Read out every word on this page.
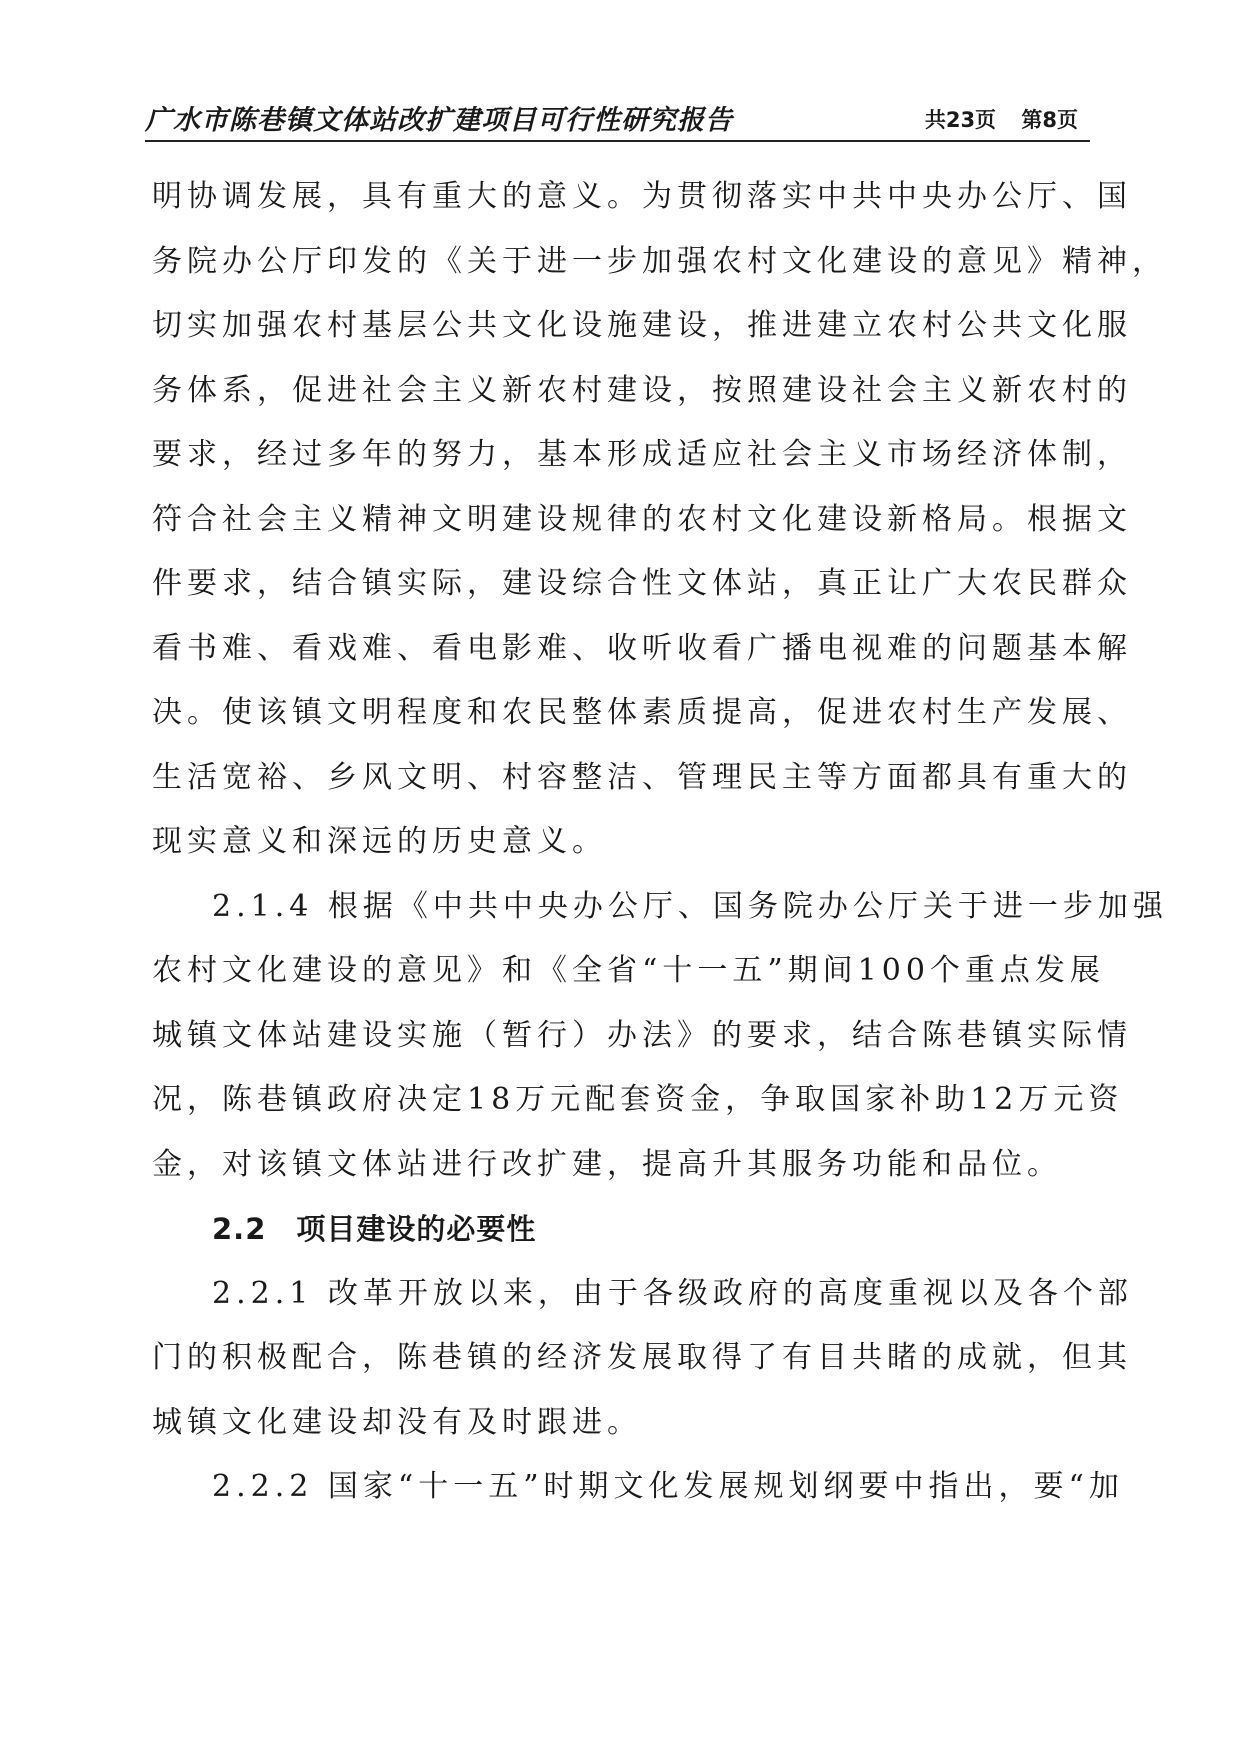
广水市陈巷镇文体站改扩建项目可行性研究报告	共23页 第8页
明协调发展，具有重大的意义。为贯彻落实中共中央办公厅、国
务院办公厅印发的《关于进一步加强农村文化建设的意见》精神，
切实加强农村基层公共文化设施建设，推进建立农村公共文化服
务体系，促进社会主义新农村建设，按照建设社会主义新农村的
要求，经过多年的努力，基本形成适应社会主义市场经济体制，
符合社会主义精神文明建设规律的农村文化建设新格局。根据文
件要求，结合镇实际，建设综合性文体站，真正让广大农民群众
看书难、看戏难、看电影难、收听收看广播电视难的问题基本解
决。使该镇文明程度和农民整体素质提高，促进农村生产发展、
生活宽裕、乡风文明、村容整洁、管理民主等方面都具有重大的
现实意义和深远的历史意义。
2.1.4 根据《中共中央办公厅、国务院办公厅关于进一步加强
农村文化建设的意见》和《全省“十一五”期间100个重点发展
城镇文体站建设实施（暂行）办法》的要求，结合陈巷镇实际情
况，陈巷镇政府决定18万元配套资金，争取国家补助12万元资
金，对该镇文体站进行改扩建，提高升其服务功能和品位。
2.2 项目建设的必要性
2.2.1 改革开放以来，由于各级政府的高度重视以及各个部
门的积极配合，陈巷镇的经济发展取得了有目共睹的成就，但其
城镇文化建设却没有及时跟进。
2.2.2 国家“十一五”时期文化发展规划纲要中指出，要“加
